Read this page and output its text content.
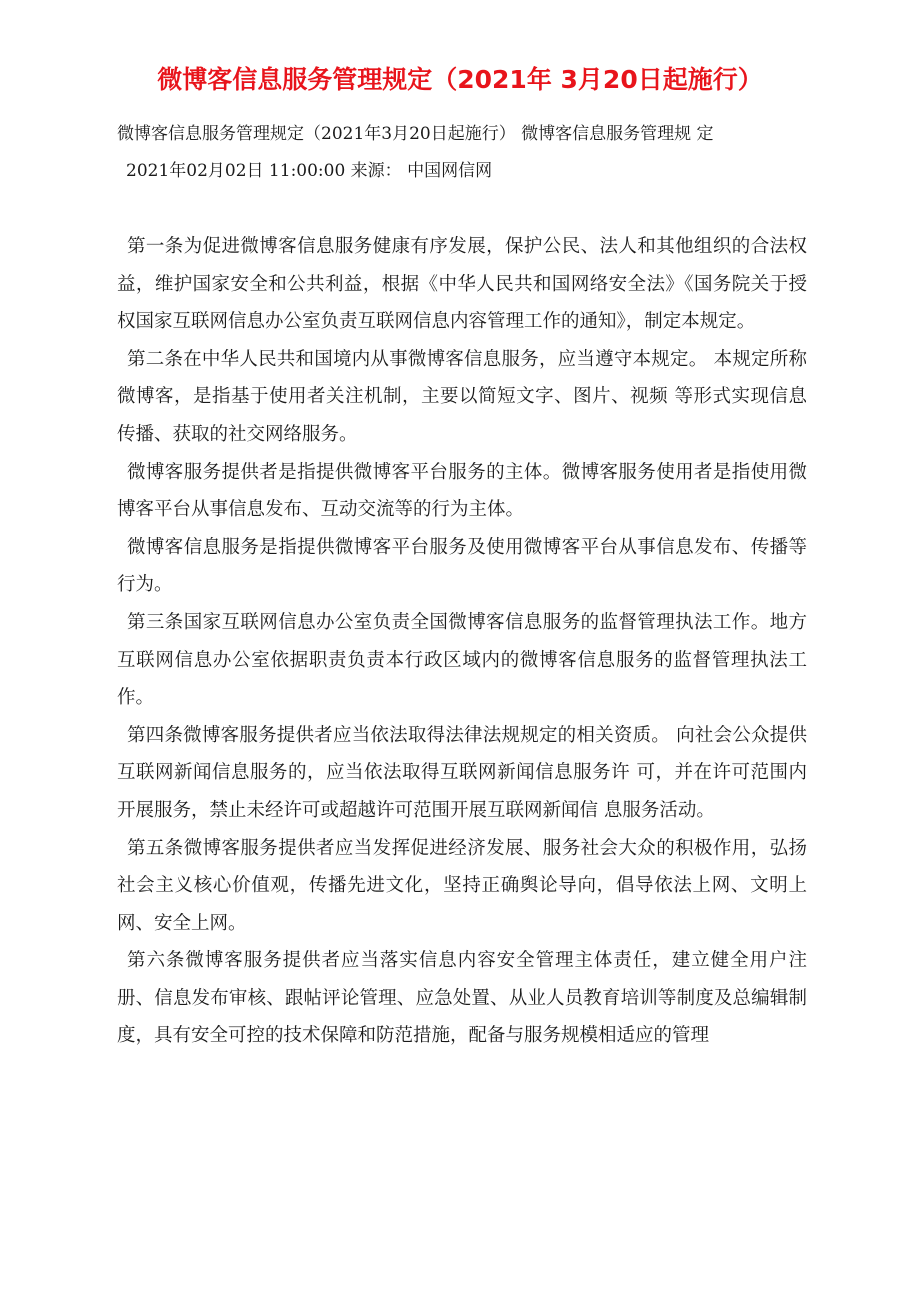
微博客信息服务管理规定（2021年 3月20日起施行）
微博客信息服务管理规定（2021年3月20日起施行） 微博客信息服务管理规 定
2021年02月02日 11:00:00 来源： 中国网信网

第一条为促进微博客信息服务健康有序发展，保护公民、法人和其他组织的合法权益，维护国家安全和公共利益，根据《中华人民共和国网络安全法》《国务院关于授权国家互联网信息办公室负责互联网信息内容管理工作的通知》，制定本规定。

第二条在中华人民共和国境内从事微博客信息服务，应当遵守本规定。 本规定所称微博客，是指基于使用者关注机制，主要以简短文字、图片、视频 等形式实现信息传播、获取的社交网络服务。

微博客服务提供者是指提供微博客平台服务的主体。微博客服务使用者是指使用微博客平台从事信息发布、互动交流等的行为主体。

微博客信息服务是指提供微博客平台服务及使用微博客平台从事信息发布、传播等行为。

第三条国家互联网信息办公室负责全国微博客信息服务的监督管理执法工作。地方互联网信息办公室依据职责负责本行政区域内的微博客信息服务的监督管理执法工作。

第四条微博客服务提供者应当依法取得法律法规规定的相关资质。 向社会公众提供互联网新闻信息服务的，应当依法取得互联网新闻信息服务许 可，并在许可范围内开展服务，禁止未经许可或超越许可范围开展互联网新闻信 息服务活动。

第五条微博客服务提供者应当发挥促进经济发展、服务社会大众的积极作用，弘扬社会主义核心价值观，传播先进文化，坚持正确舆论导向，倡导依法上网、文明上网、安全上网。

第六条微博客服务提供者应当落实信息内容安全管理主体责任，建立健全用户注册、信息发布审核、跟帖评论管理、应急处置、从业人员教育培训等制度及总编辑制度，具有安全可控的技术保障和防范措施，配备与服务规模相适应的管理
